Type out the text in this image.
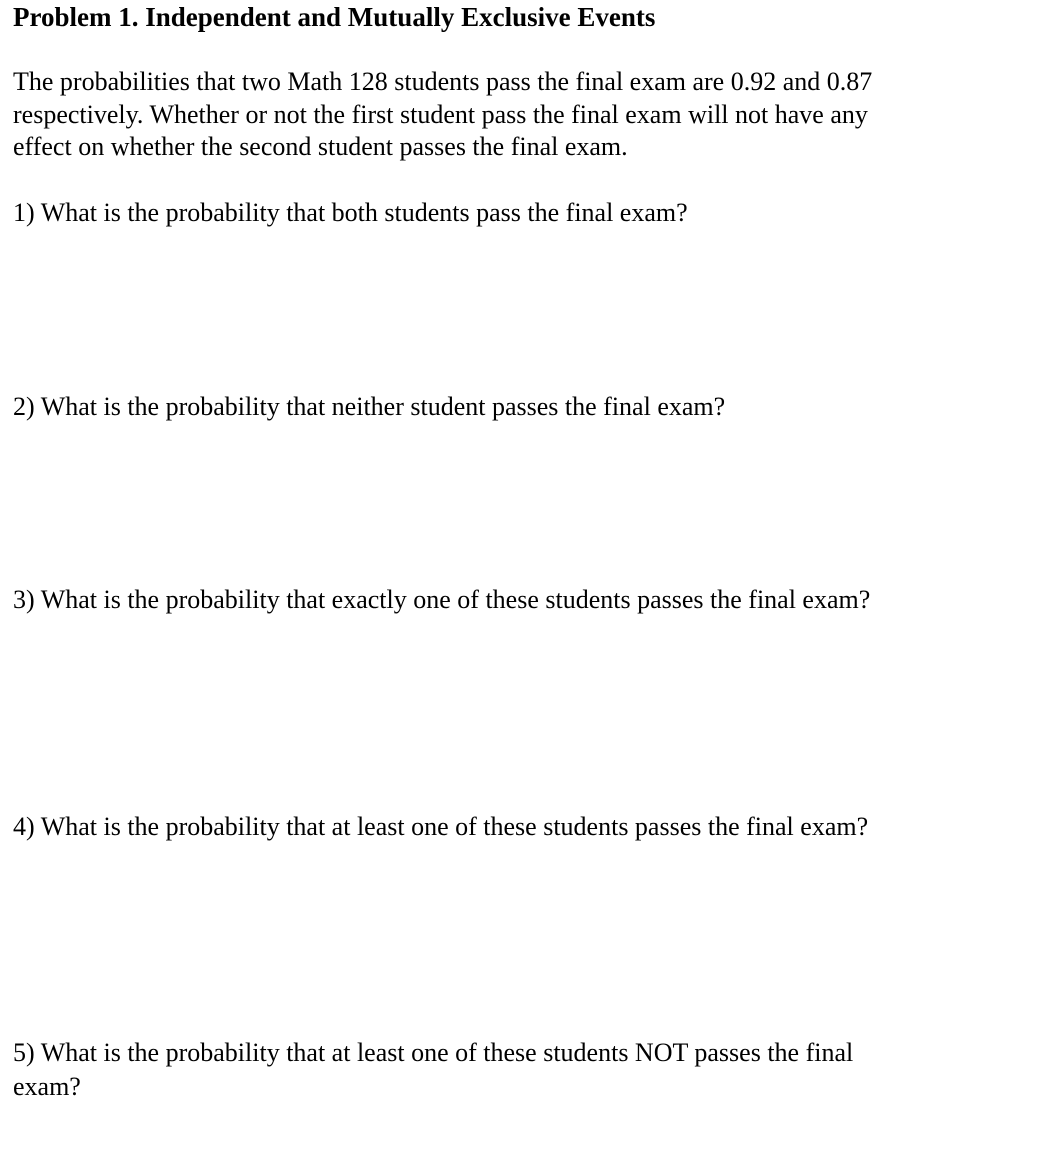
Problem 1. Independent and Mutually Exclusive Events
The probabilities that two Math 128 students pass the final exam are 0.92 and 0.87
respectively. Whether or not the first student pass the final exam will not have any
effect on whether the second student passes the final exam.
1) What is the probability that both students pass the final exam?
2) What is the probability that neither student passes the final exam?
3) What is the probability that exactly one of these students passes the final exam?
4) What is the probability that at least one of these students passes the final exam?
5) What is the probability that at least one of these students NOT passes the final
exam?
